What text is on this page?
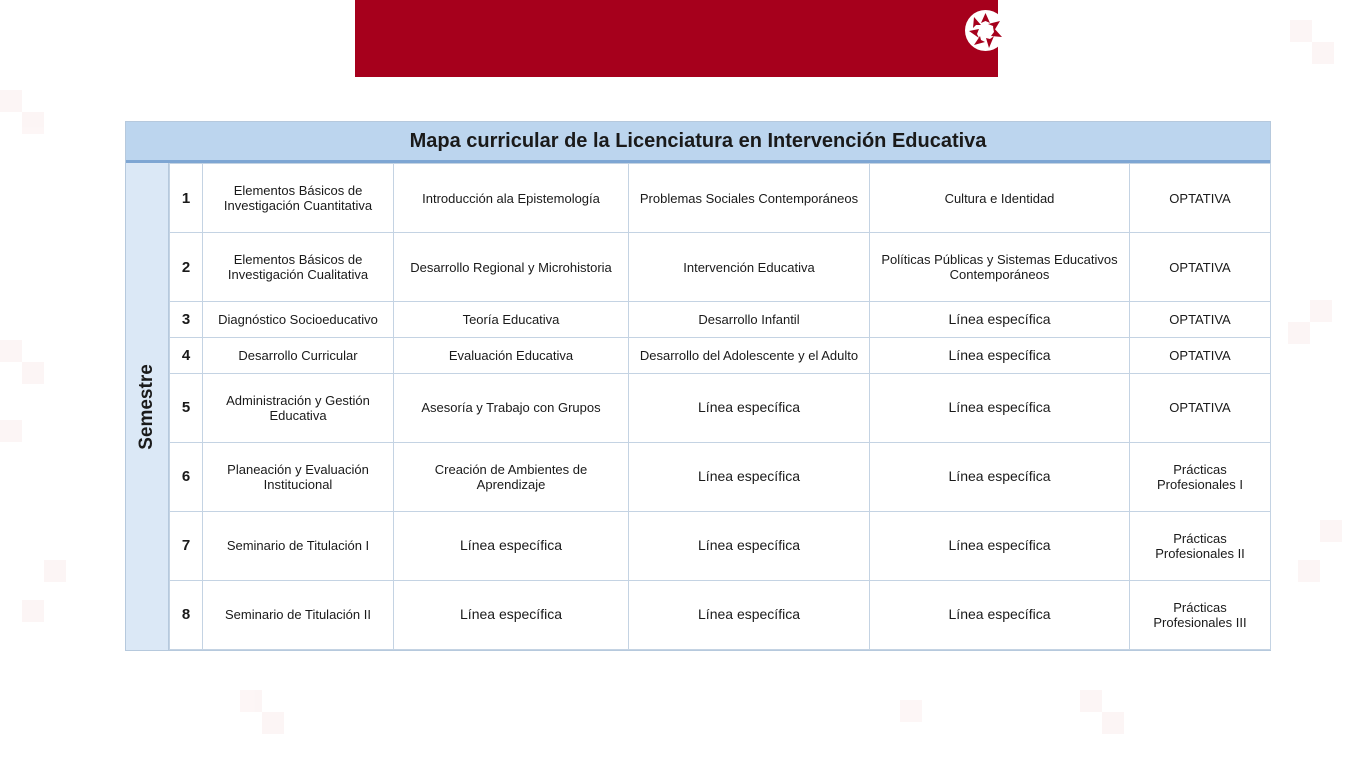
CRESON
Centro Regional de Formación
Profesional Docente de Sonora
Mapa curricular de la Licenciatura en Intervención Educativa
Semestre
1	Elementos Básicos de Investigación Cuantitativa	Introducción ala Epistemología	Problemas Sociales Contemporáneos	Cultura e Identidad	OPTATIVA
2	Elementos Básicos de Investigación Cualitativa	Desarrollo Regional y Microhistoria	Intervención Educativa	Políticas Públicas y Sistemas Educativos Contemporáneos	OPTATIVA
3	Diagnóstico Socioeducativo	Teoría Educativa	Desarrollo Infantil	Línea específica	OPTATIVA
4	Desarrollo Curricular	Evaluación Educativa	Desarrollo del Adolescente y el Adulto	Línea específica	OPTATIVA
5	Administración y Gestión Educativa	Asesoría y Trabajo con Grupos	Línea específica	Línea específica	OPTATIVA
6	Planeación y Evaluación Institucional	Creación de Ambientes de Aprendizaje	Línea específica	Línea específica	Prácticas Profesionales I
7	Seminario de Titulación I	Línea específica	Línea específica	Línea específica	Prácticas Profesionales II
8	Seminario de Titulación II	Línea específica	Línea específica	Línea específica	Prácticas Profesionales III
